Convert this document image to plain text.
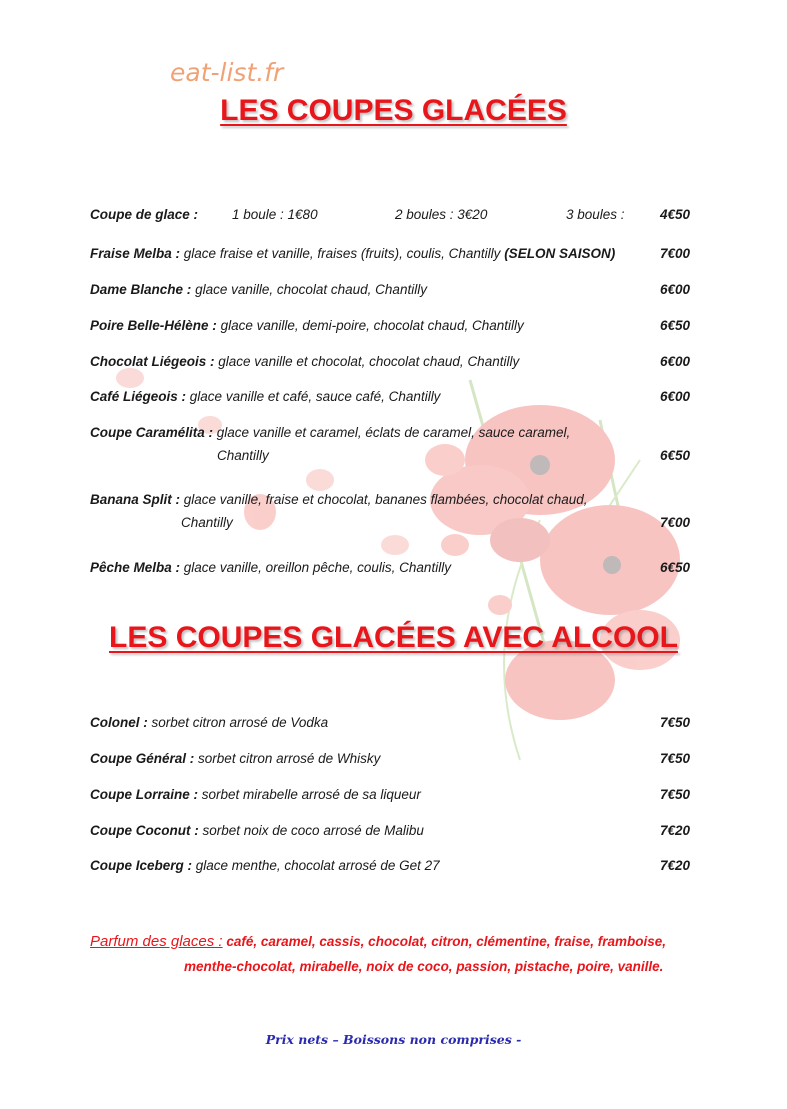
eat-list.fr
LES COUPES GLACÉES
Coupe de glace :	1 boule : 1€80	2 boules : 3€20	3 boules :	4€50
Fraise Melba : glace fraise et vanille, fraises (fruits), coulis, Chantilly (SELON SAISON)	7€00
Dame Blanche : glace vanille, chocolat chaud, Chantilly	6€00
Poire Belle-Hélène : glace vanille, demi-poire, chocolat chaud, Chantilly	6€50
Chocolat Liégeois : glace vanille et chocolat, chocolat chaud, Chantilly	6€00
Café Liégeois : glace vanille et café, sauce café, Chantilly	6€00
Coupe Caramélita : glace vanille et caramel, éclats de caramel, sauce caramel,
Chantilly	6€50
Banana Split : glace vanille, fraise et chocolat, bananes flambées, chocolat chaud,
Chantilly	7€00
Pêche Melba : glace vanille, oreillon pêche, coulis, Chantilly	6€50
LES COUPES GLACÉES AVEC ALCOOL
Colonel : sorbet citron arrosé de Vodka	7€50
Coupe Général : sorbet citron arrosé de Whisky	7€50
Coupe Lorraine : sorbet mirabelle arrosé de sa liqueur	7€50
Coupe Coconut : sorbet noix de coco arrosé de Malibu	7€20
Coupe Iceberg : glace menthe, chocolat arrosé de Get 27	7€20
Parfum des glaces : café, caramel, cassis, chocolat, citron, clémentine, fraise, framboise,
menthe-chocolat, mirabelle, noix de coco, passion, pistache, poire, vanille.
Prix nets – Boissons non comprises -
